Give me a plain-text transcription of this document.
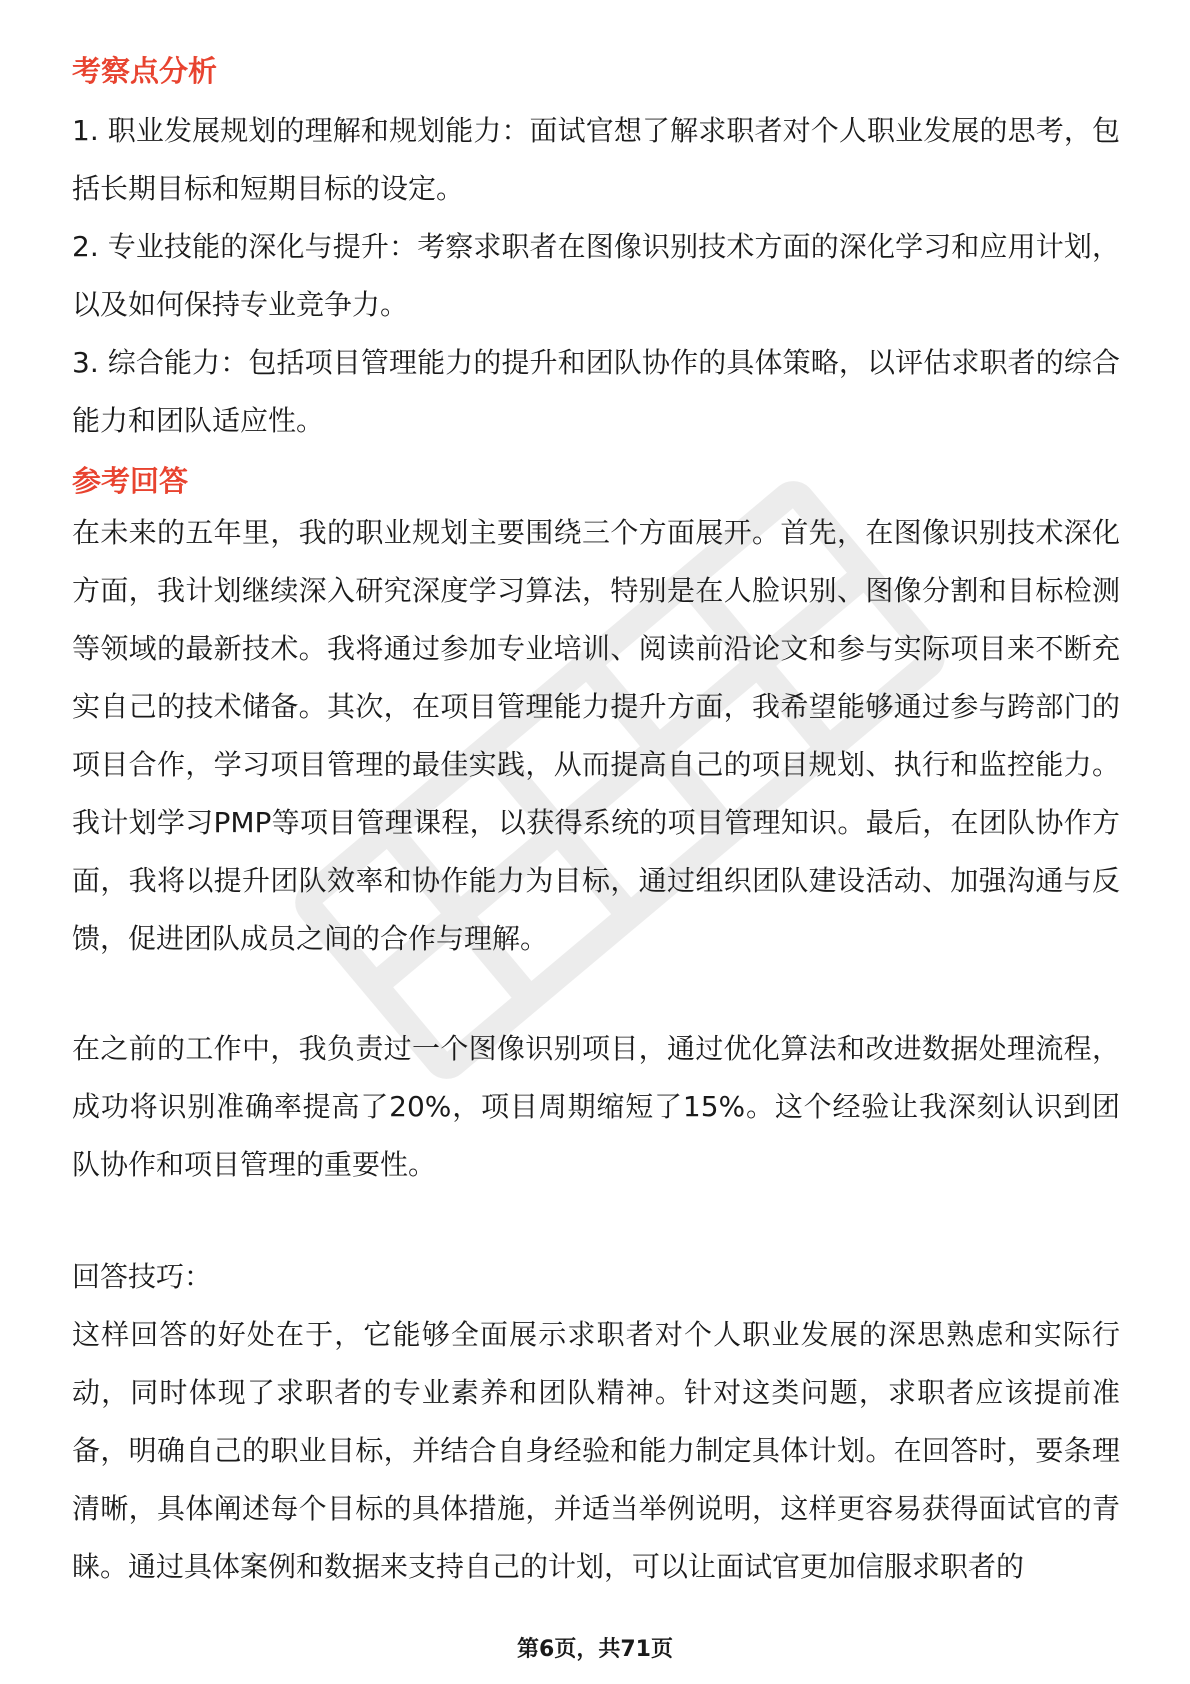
考察点分析

1. 职业发展规划的理解和规划能力：面试官想了解求职者对个人职业发展的思考，包括长期目标和短期目标的设定。

2. 专业技能的深化与提升：考察求职者在图像识别技术方面的深化学习和应用计划，以及如何保持专业竞争力。

3. 综合能力：包括项目管理能力的提升和团队协作的具体策略，以评估求职者的综合能力和团队适应性。

参考回答

在未来的五年里，我的职业规划主要围绕三个方面展开。首先，在图像识别技术深化方面，我计划继续深入研究深度学习算法，特别是在人脸识别、图像分割和目标检测等领域的最新技术。我将通过参加专业培训、阅读前沿论文和参与实际项目来不断充实自己的技术储备。其次，在项目管理能力提升方面，我希望能够通过参与跨部门的项目合作，学习项目管理的最佳实践，从而提高自己的项目规划、执行和监控能力。我计划学习PMP等项目管理课程，以获得系统的项目管理知识。最后，在团队协作方面，我将以提升团队效率和协作能力为目标，通过组织团队建设活动、加强沟通与反馈，促进团队成员之间的合作与理解。

在之前的工作中，我负责过一个图像识别项目，通过优化算法和改进数据处理流程，成功将识别准确率提高了20%，项目周期缩短了15%。这个经验让我深刻认识到团队协作和项目管理的重要性。

回答技巧：

这样回答的好处在于，它能够全面展示求职者对个人职业发展的深思熟虑和实际行动，同时体现了求职者的专业素养和团队精神。针对这类问题，求职者应该提前准备，明确自己的职业目标，并结合自身经验和能力制定具体计划。在回答时，要条理清晰，具体阐述每个目标的具体措施，并适当举例说明，这样更容易获得面试官的青睐。通过具体案例和数据来支持自己的计划，可以让面试官更加信服求职者的

第6页，共71页
